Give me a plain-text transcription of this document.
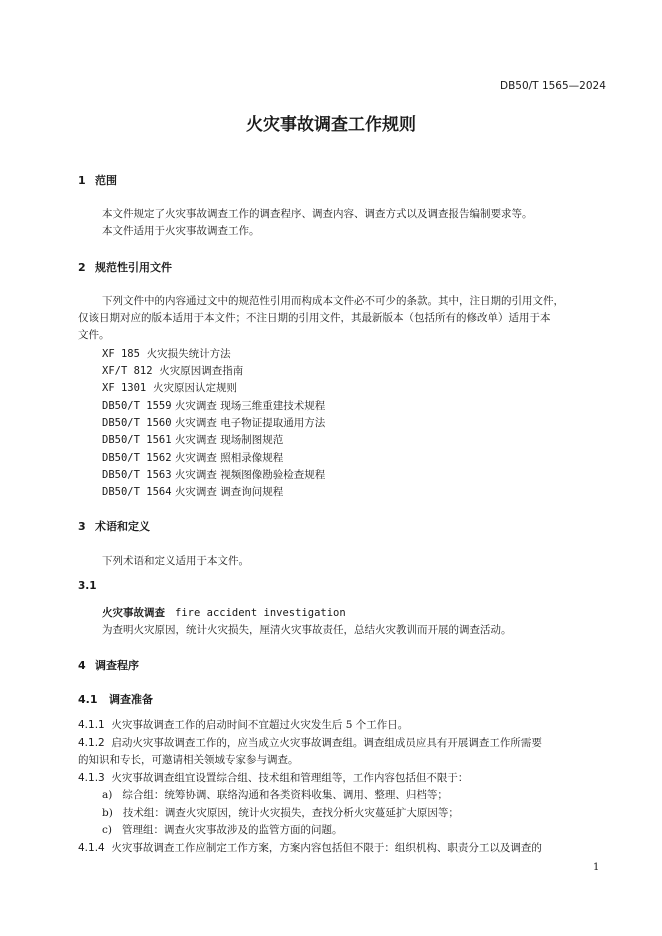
DB50/T 1565—2024
火灾事故调查工作规则
1 范围
本文件规定了火灾事故调查工作的调查程序、调查内容、调查方式以及调查报告编制要求等。
本文件适用于火灾事故调查工作。
2 规范性引用文件
下列文件中的内容通过文中的规范性引用而构成本文件必不可少的条款。其中，注日期的引用文件，
仅该日期对应的版本适用于本文件；不注日期的引用文件，其最新版本（包括所有的修改单）适用于本
文件。
XF 185 火灾损失统计方法
XF/T 812 火灾原因调查指南
XF 1301 火灾原因认定规则
DB50/T 1559 火灾调查 现场三维重建技术规程
DB50/T 1560 火灾调查 电子物证提取通用方法
DB50/T 1561 火灾调查 现场制图规范
DB50/T 1562 火灾调查 照相录像规程
DB50/T 1563 火灾调查 视频图像勘验检查规程
DB50/T 1564 火灾调查 调查询问规程
3 术语和定义
下列术语和定义适用于本文件。
3.1
火灾事故调查 fire accident investigation
为查明火灾原因，统计火灾损失，厘清火灾事故责任，总结火灾教训而开展的调查活动。
4 调查程序
4.1 调查准备
4.1.1 火灾事故调查工作的启动时间不宜超过火灾发生后 5 个工作日。
4.1.2 启动火灾事故调查工作的，应当成立火灾事故调查组。调查组成员应具有开展调查工作所需要
的知识和专长，可邀请相关领域专家参与调查。
4.1.3 火灾事故调查组宜设置综合组、技术组和管理组等，工作内容包括但不限于：
a) 综合组：统筹协调、联络沟通和各类资料收集、调用、整理、归档等；
b) 技术组：调查火灾原因，统计火灾损失，查找分析火灾蔓延扩大原因等；
c) 管理组：调查火灾事故涉及的监管方面的问题。
4.1.4 火灾事故调查工作应制定工作方案，方案内容包括但不限于：组织机构、职责分工以及调查的
1
